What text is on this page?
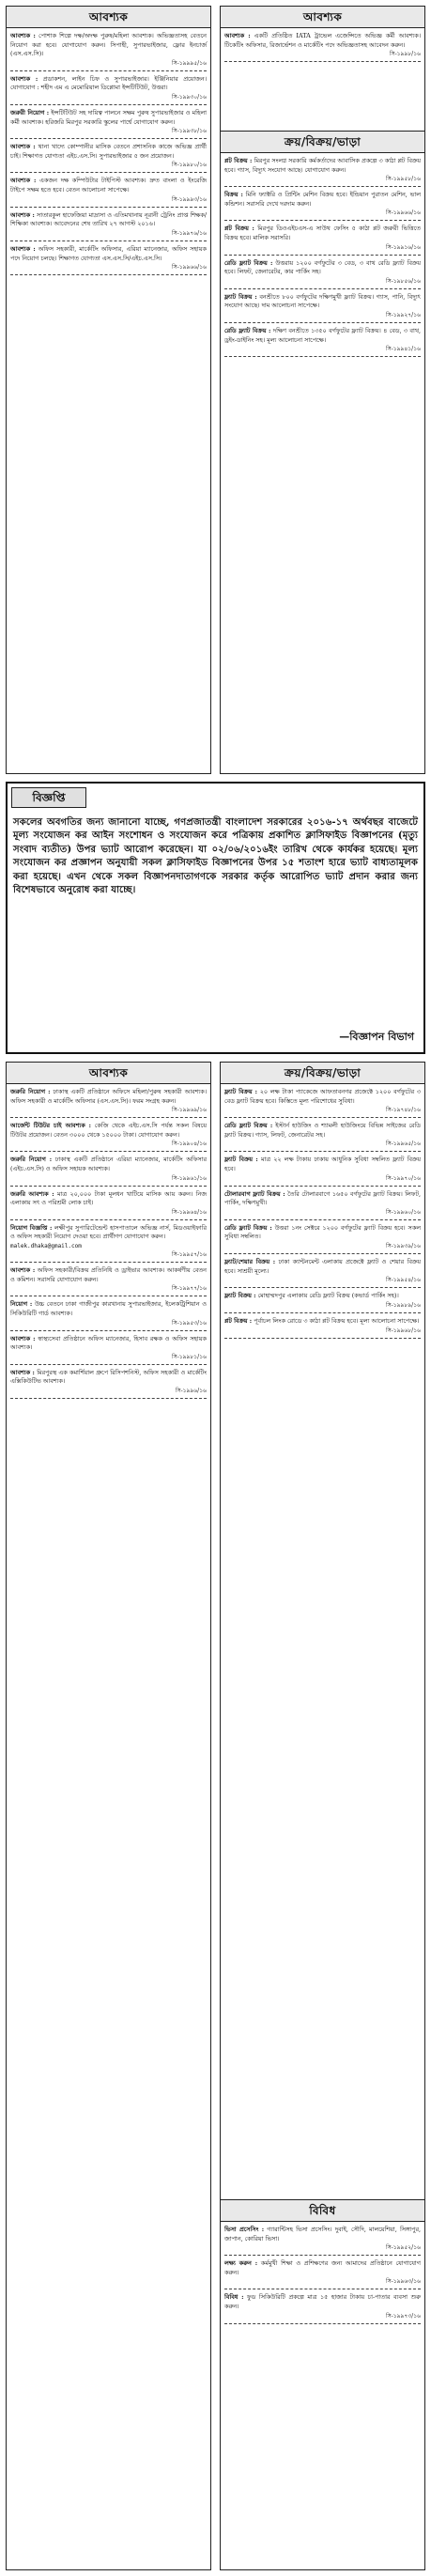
আবশ্যক
আবশ্যক : পোশাক শিল্পে দক্ষ/অদক্ষ পুরুষ/মহিলা আবশ্যক। অভিজ্ঞতাসহ বেতনে নিয়োগ করা হবে। যোগাযোগ করুন। সিপাহী, সুপারভাইজার, ফ্লোর ইনচার্জ (এস.এস.সি)।
সি-১৯৯৯৫/১৬
আবশ্যক : প্রডাকশন, লাইন চিফ ও সুপারভাইজার। ইঞ্জিনিয়ার প্রয়োজন। যোগাযোগ : শহীদ এম এ মেমোরিয়াল ডিপ্লোমা ইন্সটিটিউট, উত্তরা।
সি-১৯৯৩০/১৬
জরুরী নিয়োগ : ইন্সটিটিউট সহ দায়িত্ব পালনে সক্ষম পুরুষ সুপারভাইজার ও মহিলা কর্মী আবশ্যক। হরিজরি মিরপুর সরকারি স্কুলের পার্শ্বে যোগাযোগ করুন।
সি-১৯৯৩৮/১৬
আবশ্যক : থানা খাদ্যে কোম্পানীর মাসিক বেতনে প্রশাসনিক কাজে অভিজ্ঞ প্রার্থী চাই। শিক্ষাগত যোগ্যতা এইচ.এস.সি। সুপারভাইজার ৫ জন প্রয়োজন।
সি-১৯৯৮০/১৬
আবশ্যক : একজন দক্ষ কম্পিউটার টাইপিস্ট আবশ্যক। দ্রুত বাংলা ও ইংরেজি টাইপে সক্ষম হতে হবে। বেতন আলোচনা সাপেক্ষে।
সি-১৯৯৯৩/১৬
আবশ্যক : সাতারকুল হাফেজিয়া মাদ্রাসা ও এতিমখানায় নূরানী ট্রেনিং প্রাপ্ত শিক্ষক/শিক্ষিকা আবশ্যক। আবেদনের শেষ তারিখ ২৭ আগস্ট ২০১৬।
সি-১৯৯৭৬/১৬
আবশ্যক : অফিস সহকারী, মার্কেটিং অফিসার, এরিয়া ম্যানেজার, অফিস সহায়ক পদে নিয়োগ চলছে। শিক্ষাগত যোগ্যতা এস.এস.সি/এইচ.এস.সি।
সি-১৯৯৬৬/১৬
আবশ্যক
আবশ্যক : একটি প্রতিষ্ঠিত IATA ট্রাভেল এজেন্সিতে অভিজ্ঞ কর্মী আবশ্যক। টিকেটিং অফিসার, রিজার্ভেশন ও মার্কেটিং পদে অভিজ্ঞতাসহ আবেদন করুন।
সি-১৯৯৮/১৬
ক্রয়/বিক্রয়/ভাড়া
প্লট বিক্রয় : মিরপুর সংলগ্ন সরকারি কর্মকর্তাদের আবাসিক প্রকল্পে ৩ কাঠা প্লট বিক্রয় হবে। গ্যাস, বিদ্যুৎ সংযোগ আছে। যোগাযোগ করুন।
সি-১৯৯৫৮/১৬
বিক্রয় : মিনি ফ্যাক্টরি ও প্রিন্টিং মেশিন বিক্রয় হবে। ইন্ডিয়ান পুরাতন মেশিন, ভাল কন্ডিশন। সরাসরি দেখে দরদাম করুন।
সি-১৯৯৬৬/১৬
প্লট বিক্রয় : মিরপুর ডিওএইচএস-এ সাউথ ফেসিং ৫ কাঠা প্লট জরুরী ভিত্তিতে বিক্রয় হবে। মালিক সরাসরি।
সি-১৯৯১৬/১৬
রেডি ফ্ল্যাট বিক্রয় : উত্তরায় ১২০০ বর্গফুটের ৩ বেড, ৩ বাথ রেডি ফ্ল্যাট বিক্রয় হবে। লিফট, জেনারেটর, কার পার্কিং সহ।
সি-১৯৮৫৬/১৬
ফ্ল্যাট বিক্রয় : বনশ্রীতে ৮০০ বর্গফুটের দক্ষিণমুখী ফ্ল্যাট বিক্রয়। গ্যাস, পানি, বিদ্যুৎ সংযোগ আছে। দাম আলোচনা সাপেক্ষে।
সি-১৯৯২৭/১৬
রেডি ফ্ল্যাট বিক্রয় : দক্ষিণ বনশ্রীতে ১৩৫০ বর্গফুটের ফ্ল্যাট বিক্রয়। ৪ বেড, ৩ বাথ, ড্রইং-ডাইনিং সহ। মূল্য আলোচনা সাপেক্ষে।
সি-১৯৯৪১/১৬
বিজ্ঞপ্তি
সকলের অবগতির জন্য জানানো যাচ্ছে, গণপ্রজাতন্ত্রী বাংলাদেশ সরকারের ২০১৬-১৭ অর্থবছর বাজেটে মূল্য সংযোজন কর আইন সংশোধন ও সংযোজন করে পত্রিকায় প্রকাশিত ক্লাসিফাইড বিজ্ঞাপনের (মৃত্যু সংবাদ ব্যতীত) উপর ভ্যাট আরোপ করেছেন। যা ০২/০৬/২০১৬ইং তারিখ থেকে কার্যকর হয়েছে। মূল্য সংযোজন কর প্রজ্ঞাপন অনুযায়ী সকল ক্লাসিফাইড বিজ্ঞাপনের উপর ১৫ শতাংশ হারে ভ্যাট বাধ্যতামূলক করা হয়েছে। এখন থেকে সকল বিজ্ঞাপনদাতাগণকে সরকার কর্তৃক আরোপিত ভ্যাট প্রদান করার জন্য বিশেষভাবে অনুরোধ করা যাচ্ছে।
—বিজ্ঞাপন বিভাগ
আবশ্যক
জরুরি নিয়োগ : ঢাকাস্থ একটি প্রতিষ্ঠানে অফিসে মহিলা/পুরুষ সহকারী আবশ্যক। অফিস সহকারী ও মার্কেটিং অফিসার (এস.এস.সি)। ফরম সংগ্রহ করুন।
সি-১৯৯৬৯/১৬
আর্জেন্ট টিউটর চাই আবশ্যক : কেজি থেকে এইচ.এস.সি পর্যন্ত সকল বিষয়ে টিউটর প্রয়োজন। বেতন ৩০০০ থেকে ১৫০০০ টাকা। যোগাযোগ করুন।
সি-১৯৯০৪/১৬
জরুরি নিয়োগ : ঢাকাস্থ একটি প্রতিষ্ঠানে এরিয়া ম্যানেজার, মার্কেটিং অফিসার (এইচ.এস.সি) ও অফিস সহায়ক আবশ্যক।
সি-১৯৯৬১/১৬
জরুরি আবশ্যক : মাত্র ২০,০০০ টাকা মূলধন খাটিয়ে মাসিক আয় করুন। নিজ এলাকায় সৎ ও পরিশ্রমী লোক চাই।
সি-১৯৯৬৪/১৬
নিয়োগ বিজ্ঞপ্তি : লক্ষীপুর সুপারিটেন্ডেন্ট হাসপাতালে অভিজ্ঞ নার্স, মিডওয়াইফারি ও অফিস সহকারী নিয়োগ দেওয়া হবে। প্রার্থীগণ যোগাযোগ করুন।
malek.dhaka@gmail.com
সি-১৯৯৫৭/১৬
আবশ্যক : অফিস সহকারী/বিক্রয় প্রতিনিধি ও ড্রাইভার আবশ্যক। আকর্ষণীয় বেতন ও কমিশন। সরাসরি যোগাযোগ করুন।
সি-১৯৯৭৭/১৬
নিয়োগ : উচ্চ বেতনে ঢাকা গাজীপুর কারখানায় সুপারভাইজার, ইলেকট্রিশিয়ান ও সিকিউরিটি গার্ড আবশ্যক।
সি-১৯৯৫৩/১৬
আবশ্যক : স্বাস্থ্যসেবা প্রতিষ্ঠানে অফিস ম্যানেজার, হিসাব রক্ষক ও অফিস সহায়ক আবশ্যক।
সি-১৯৯৮১/১৬
আবশ্যক : মিরপুরস্থ এক কমার্শিয়াল গ্রুপে রিসিপশনিস্ট, অফিস সহকারী ও মার্কেটিং এক্সিকিউটিভ আবশ্যক।
সি-১৯৯৬/১৬
ক্রয়/বিক্রয়/ভাড়া
ফ্ল্যাট বিক্রয় : ২০ লক্ষ টাকা প্যাকেজে আফতাবনগর প্রজেক্টে ১২০০ বর্গফুটের ৩ বেড ফ্ল্যাট বিক্রয় হবে। কিস্তিতে মূল্য পরিশোধের সুবিধা।
সি-১৯৭৪৮/১৬
রেডি ফ্ল্যাট বিক্রয় : ইস্টার্ন হাউজিং ও শ্যামলী হাউজিংয়ে বিভিন্ন সাইজের রেডি ফ্ল্যাট বিক্রয়। গ্যাস, লিফট, জেনারেটর সহ।
সি-১৯৯৬৫/১৬
ফ্ল্যাট বিক্রয় : মাত্র ২২ লক্ষ টাকায় ঢাকায় আধুনিক সুবিধা সম্বলিত ফ্ল্যাট বিক্রয় হবে।
সি-১৯৯৭০/১৬
টোলারবাগ ফ্ল্যাট বিক্রয় : তৈরি টোলারবাগে ১৬৫০ বর্গফুটের ফ্ল্যাট বিক্রয়। লিফট, পার্কিং, দক্ষিণমুখী।
সি-১৯৯৬০/১৬
রেডি ফ্ল্যাট বিক্রয় : উত্তরা ১নং সেক্টরে ১২০০ বর্গফুটের ফ্ল্যাট বিক্রয় হবে। সকল সুবিধা সম্বলিত।
সি-১৯৯৩৯/১৬
ফ্ল্যাট/শেয়ার বিক্রয় : ঢাকা ক্যান্টনমেন্ট এলাকায় প্রজেক্টে ফ্ল্যাট ও শেয়ার বিক্রয় হবে। সাশ্রয়ী মূল্যে।
সি-১৯৯৫৪/১৬
ফ্ল্যাট বিক্রয় : মোহাম্মদপুর এলাকায় রেডি ফ্ল্যাট বিক্রয় (কভার্ড পার্কিং সহ)।
সি-১৯৯৮৯/১৬
প্লট বিক্রয় : পূর্বাচল লিংক রোডে ৩ কাঠা প্লট বিক্রয় হবে। মূল্য আলোচনা সাপেক্ষে।
সি-১৯৯৬৮/১৬
বিবিধ
ভিসা প্রসেসিং : গ্যারান্টিসহ ভিসা প্রসেসিং। দুবাই, সৌদি, মালয়েশিয়া, সিঙ্গাপুর, জাপান, কোরিয়া ভিসা।
সি-১৯৯৫২/১৬
লক্ষ্য করুন : কর্মমুখী শিক্ষা ও প্রশিক্ষণের জন্য আমাদের প্রতিষ্ঠানে যোগাযোগ করুন।
সি-১৯৯৬৩/১৬
বিবিধ : ফুড সিকিউরিটি প্রকল্পে মাত্র ১৫ হাজার টাকায় চা-পাতার ব্যবসা শুরু করুন।
সি-১৯৯৭৩/১৬
